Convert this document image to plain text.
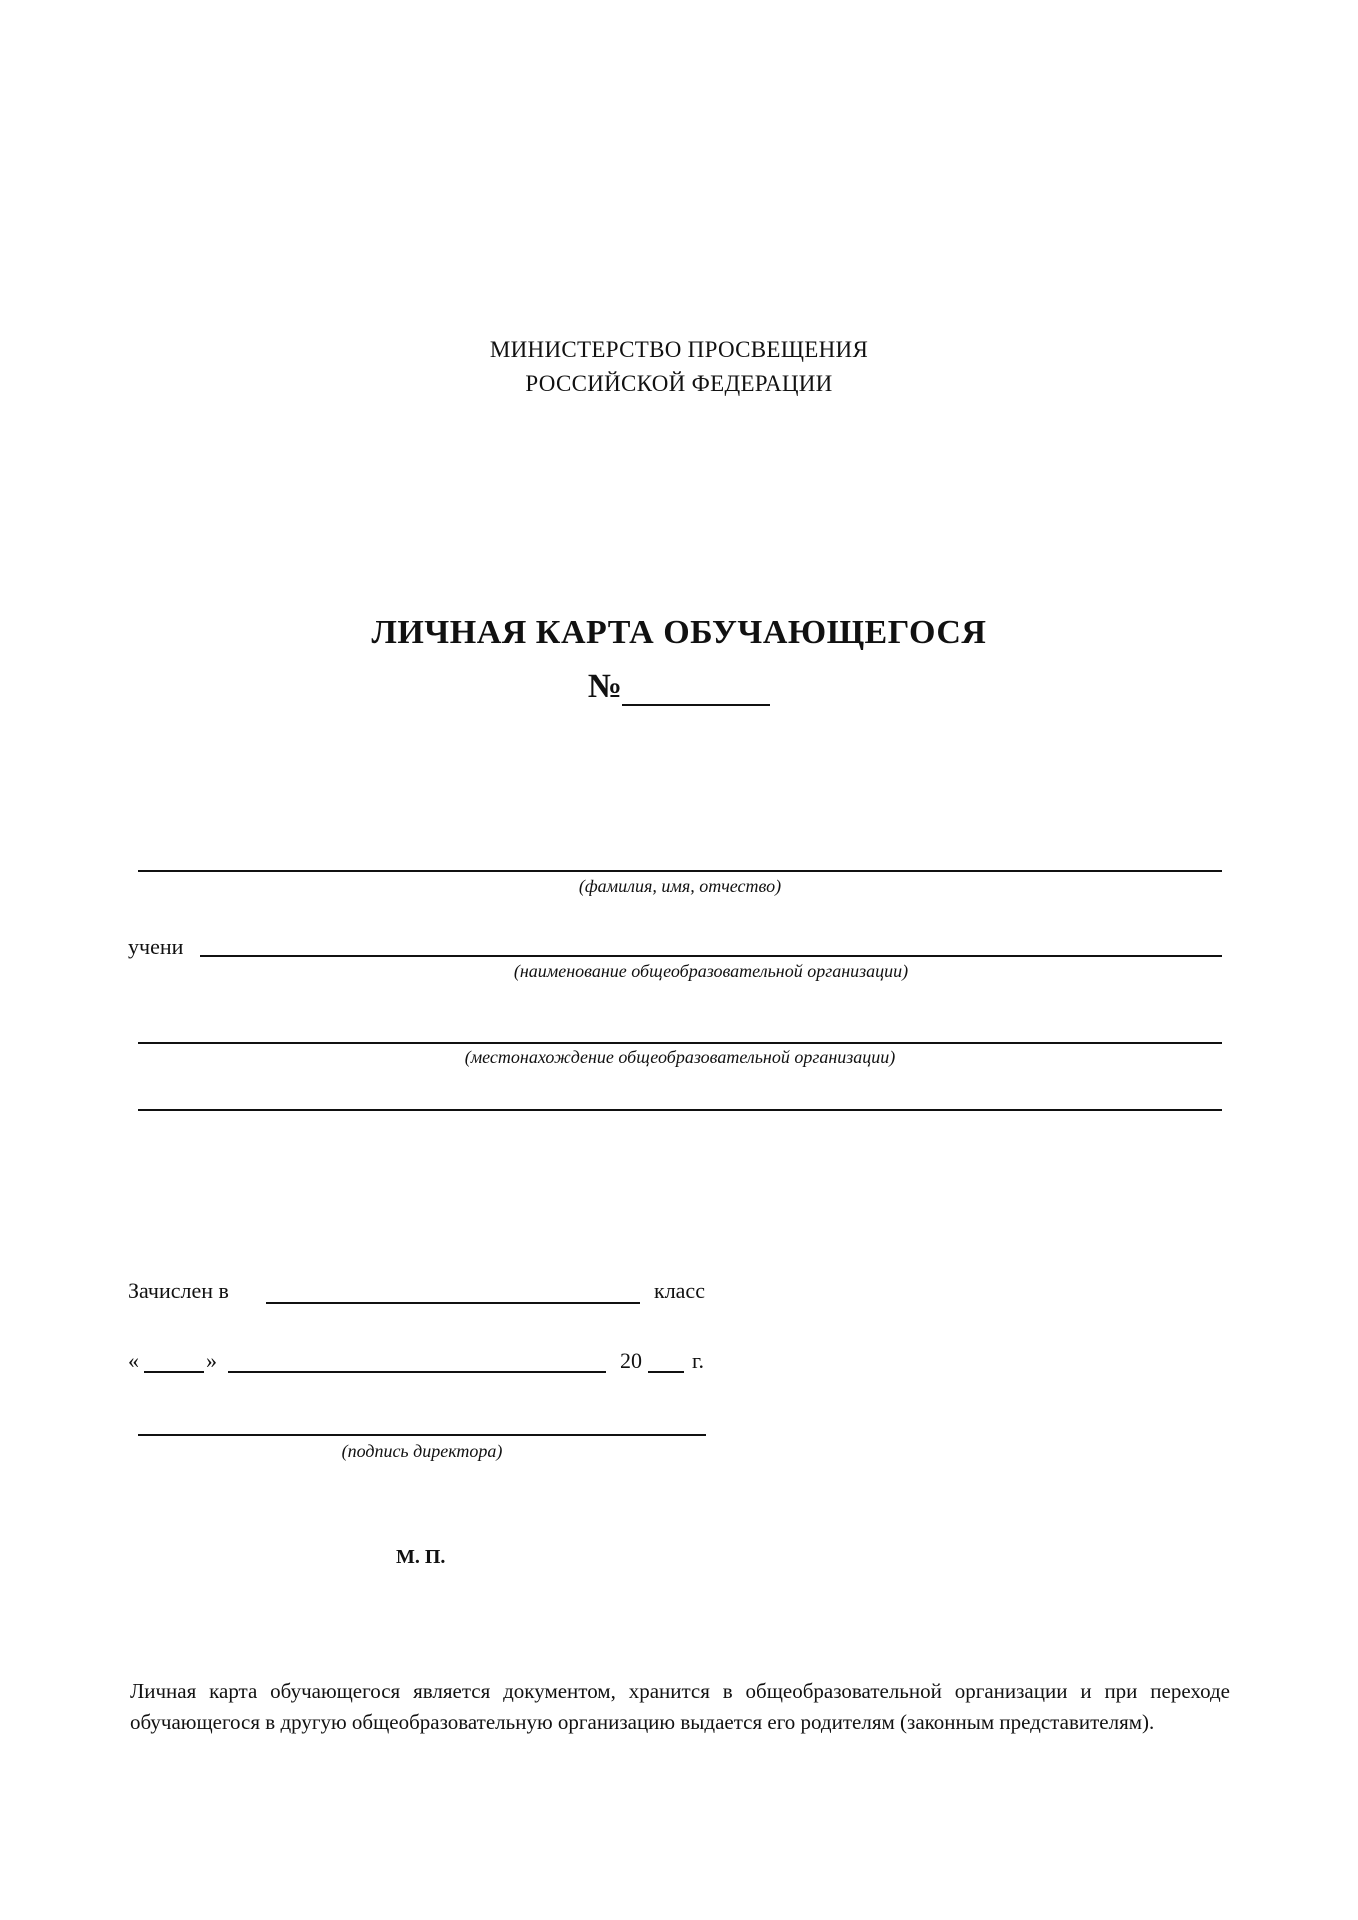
МИНИСТЕРСТВО ПРОСВЕЩЕНИЯ
РОССИЙСКОЙ ФЕДЕРАЦИИ
ЛИЧНАЯ КАРТА ОБУЧАЮЩЕГОСЯ
№
(фамилия, имя, отчество)
учени
(наименование общеобразовательной организации)
(местонахождение общеобразовательной организации)
Зачислен в	класс
«	»	20 г.
(подпись директора)
М. П.
Личная карта обучающегося является документом, хранится в общеобразовательной организации и при переходе обучающегося в другую общеобразовательную организацию выдается его родителям (законным представителям).
